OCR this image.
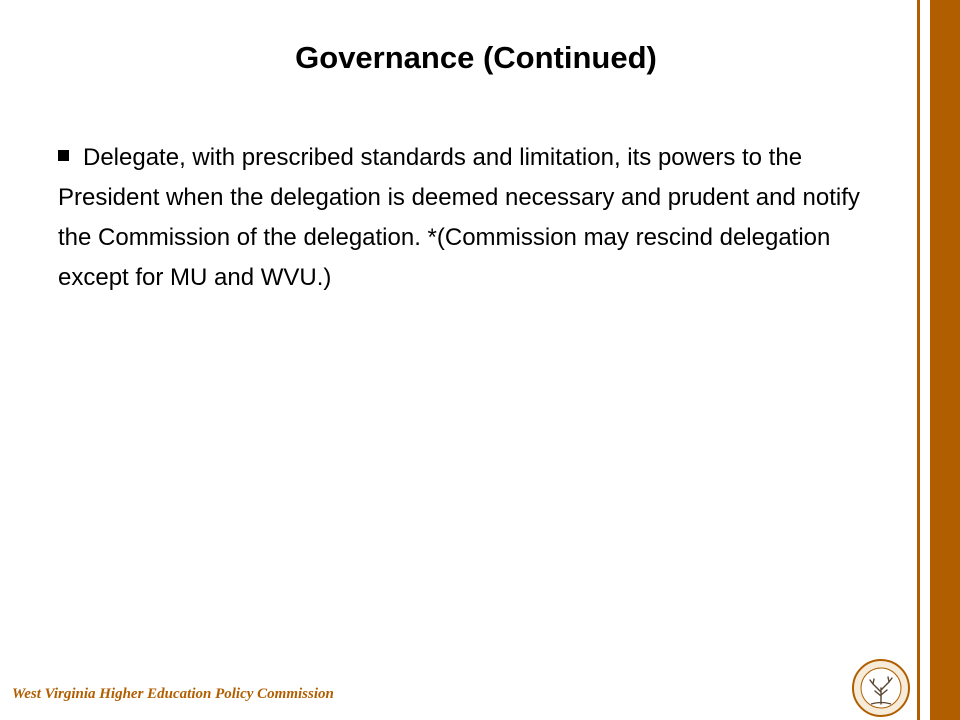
Governance (Continued)
Delegate, with prescribed standards and limitation, its powers to the President when the delegation is deemed necessary and prudent and notify the Commission of the delegation. *(Commission may rescind delegation except for MU and WVU.)
West Virginia Higher Education Policy Commission
